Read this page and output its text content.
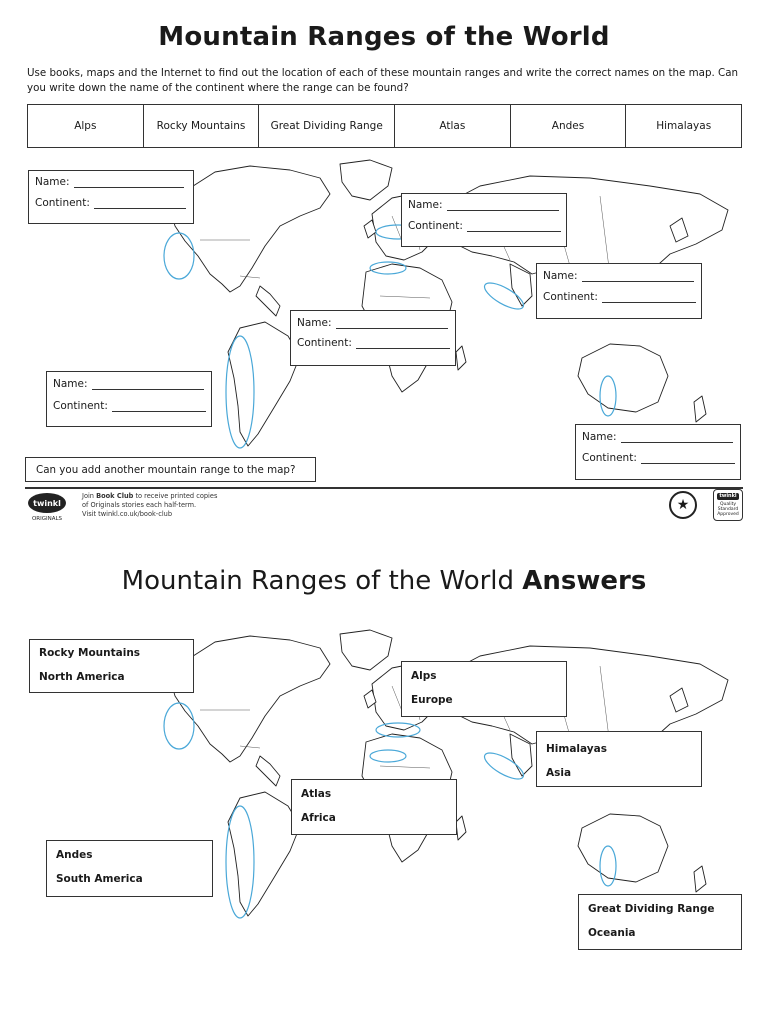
Mountain Ranges of the World
Use books, maps and the Internet to find out the location of each of these mountain ranges and write the correct names on the map. Can you write down the name of the continent where the range can be found?
Alps	Rocky Mountains	Great Dividing Range	Atlas	Andes	Himalayas
Name:
Continent:	Name:
Continent:
Name:
Continent:
Name:
Continent:
Name:
Continent:
Name:
Continent:
Can you add another mountain range to the map?
twinkl
ORIGINALS
Join Book Club to receive printed copies
of Originals stories each half-term.
Visit twinkl.co.uk/book-club
★
twinkl
Quality Standard Approved
Mountain Ranges of the World Answers
Rocky Mountains
North America	Alps
Europe
Himalayas
Asia
Atlas
Africa
Andes
South America
Great Dividing Range
Oceania
